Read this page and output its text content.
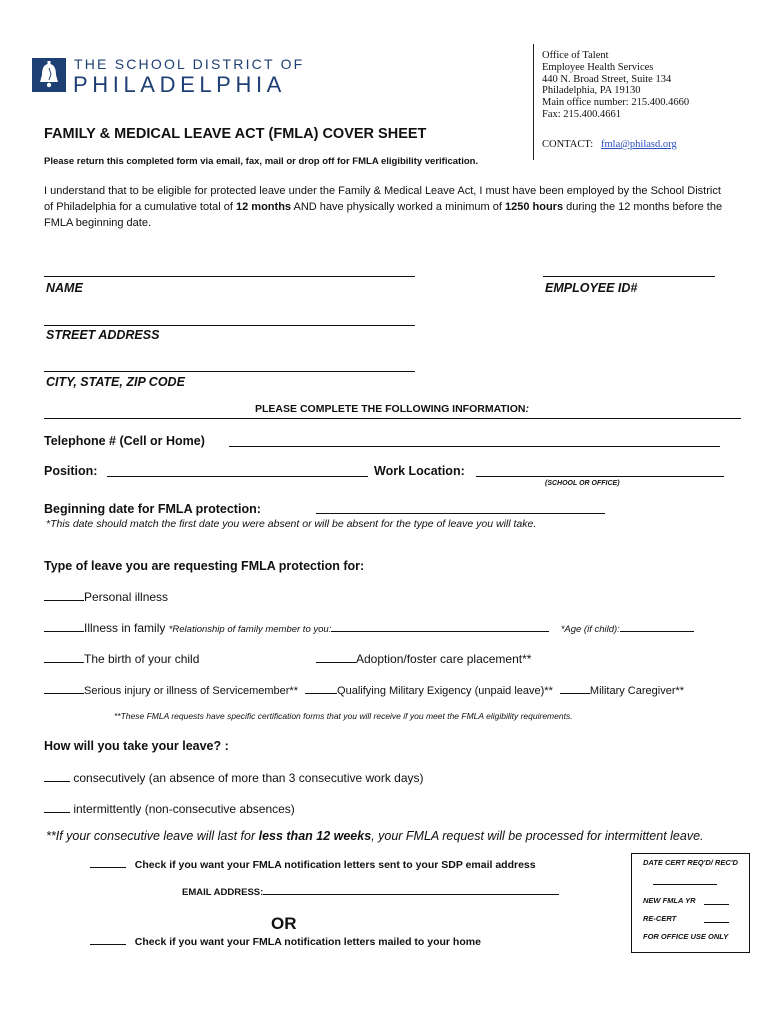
THE SCHOOL DISTRICT OF
PHILADELPHIA
Office of Talent
Employee Health Services
440 N. Broad Street, Suite 134
Philadelphia, PA 19130
Main office number: 215.400.4660
Fax: 215.400.4661
CONTACT: fmla@philasd.org
FAMILY & MEDICAL LEAVE ACT (FMLA) COVER SHEET
Please return this completed form via email, fax, mail or drop off for FMLA eligibility verification.
I understand that to be eligible for protected leave under the Family & Medical Leave Act, I must have been employed by the School District of Philadelphia for a cumulative total of 12 months AND have physically worked a minimum of 1250 hours during the 12 months before the FMLA beginning date.
NAME	EMPLOYEE ID#
STREET ADDRESS
CITY, STATE, ZIP CODE
PLEASE COMPLETE THE FOLLOWING INFORMATION:
Telephone # (Cell or Home)
Position:	Work Location:
(SCHOOL OR OFFICE)
Beginning date for FMLA protection:
*This date should match the first date you were absent or will be absent for the type of leave you will take.
Type of leave you are requesting FMLA protection for:
Personal illness
Illness in family *Relationship of family member to you:	*Age (if child):
The birth of your child	Adoption/foster care placement**
Serious injury or illness of Servicemember**	Qualifying Military Exigency (unpaid leave)**	Military Caregiver**
**These FMLA requests have specific certification forms that you will receive if you meet the FMLA eligibility requirements.
How will you take your leave? :
consecutively (an absence of more than 3 consecutive work days)
intermittently (non-consecutive absences)
**If your consecutive leave will last for less than 12 weeks, your FMLA request will be processed for intermittent leave.
Check if you want your FMLA notification letters sent to your SDP email address
EMAIL ADDRESS:
OR
Check if you want your FMLA notification letters mailed to your home
DATE CERT REQ'D/ REC'D
NEW FMLA YR
RE-CERT
FOR OFFICE USE ONLY
